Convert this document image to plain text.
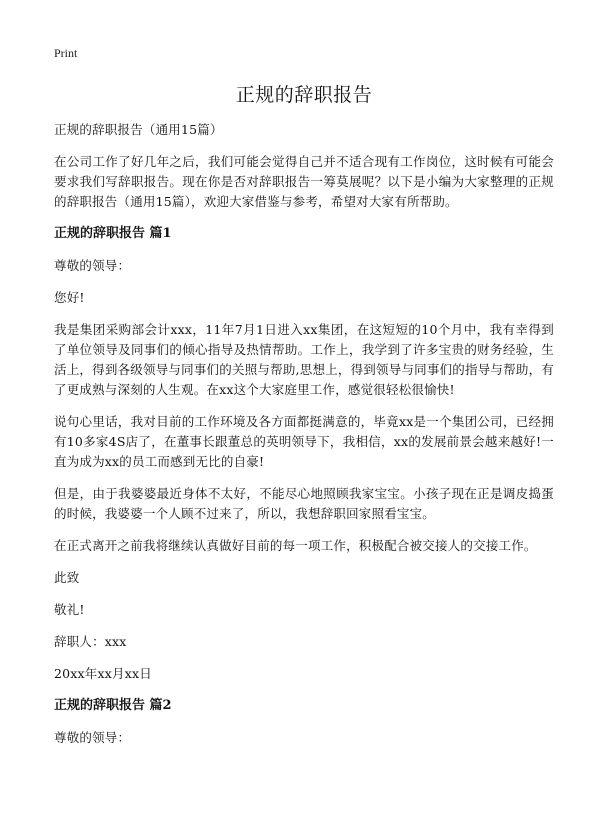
Print
正规的辞职报告

正规的辞职报告（通用15篇）

在公司工作了好几年之后，我们可能会觉得自己并不适合现有工作岗位，这时候有可能会要求我们写辞职报告。现在你是否对辞职报告一筹莫展呢？以下是小编为大家整理的正规的辞职报告（通用15篇），欢迎大家借鉴与参考，希望对大家有所帮助。

正规的辞职报告 篇1

尊敬的领导：

您好!

我是集团采购部会计xxx，11年7月1日进入xx集团，在这短短的10个月中，我有幸得到了单位领导及同事们的倾心指导及热情帮助。工作上，我学到了许多宝贵的财务经验，生活上，得到各级领导与同事们的关照与帮助,思想上，得到领导与同事们的指导与帮助，有了更成熟与深刻的人生观。在xx这个大家庭里工作，感觉很轻松很愉快!

说句心里话，我对目前的工作环境及各方面都挺满意的，毕竟xx是一个集团公司，已经拥有10多家4S店了，在董事长跟董总的英明领导下，我相信，xx的发展前景会越来越好!一直为成为xx的员工而感到无比的自豪!

但是，由于我婆婆最近身体不太好，不能尽心地照顾我家宝宝。小孩子现在正是调皮捣蛋的时候，我婆婆一个人顾不过来了，所以，我想辞职回家照看宝宝。

在正式离开之前我将继续认真做好目前的每一项工作，积极配合被交接人的交接工作。

此致

敬礼!

辞职人：xxx

20xx年xx月xx日

正规的辞职报告 篇2

尊敬的领导：
